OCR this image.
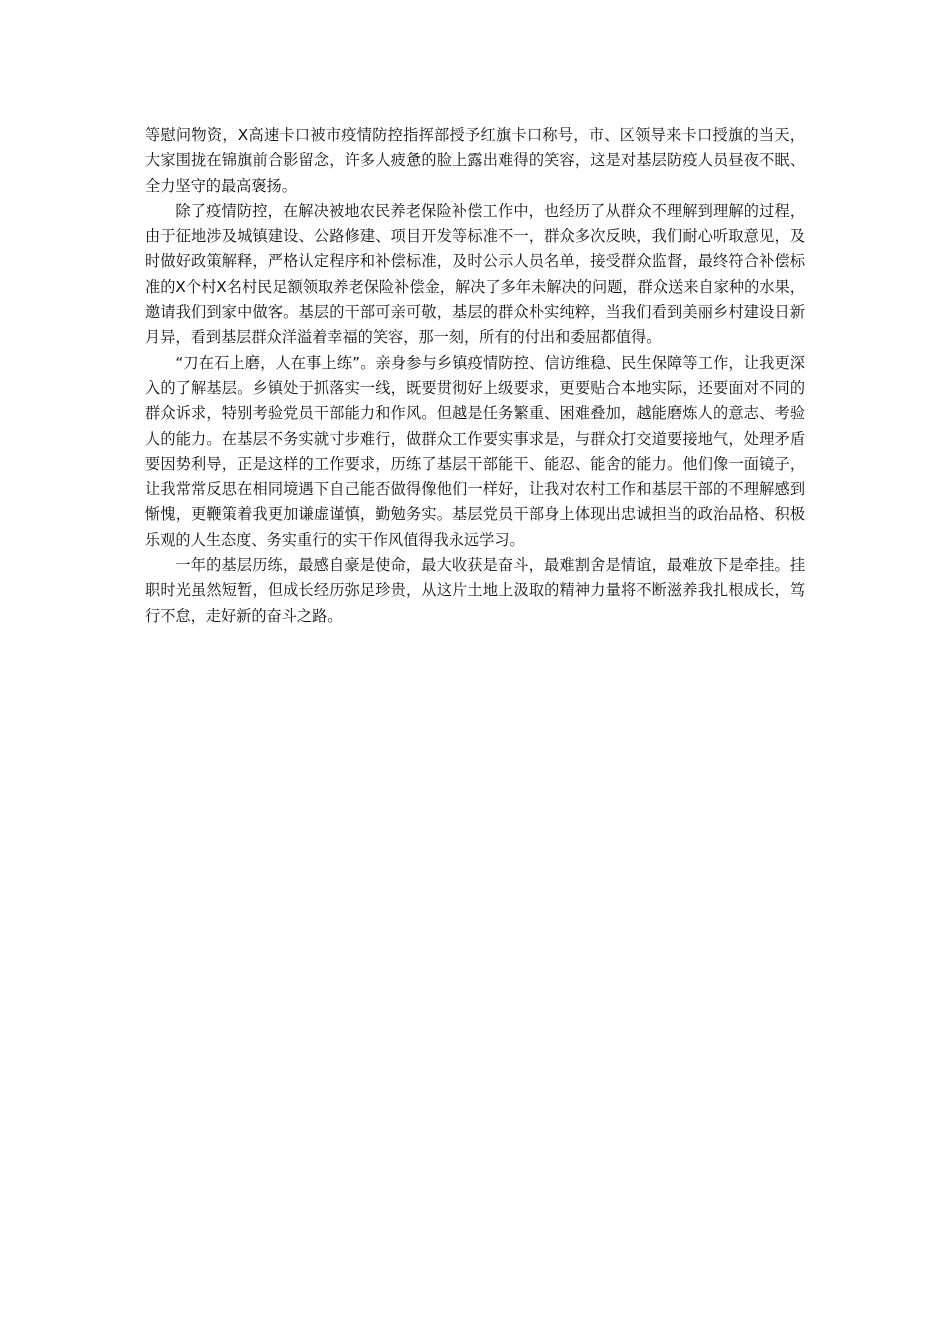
等慰问物资，X高速卡口被市疫情防控指挥部授予红旗卡口称号，市、区领导来卡口授旗的当天，大家围拢在锦旗前合影留念，许多人疲惫的脸上露出难得的笑容，这是对基层防疫人员昼夜不眠、全力坚守的最高褒扬。

除了疫情防控，在解决被地农民养老保险补偿工作中，也经历了从群众不理解到理解的过程，由于征地涉及城镇建设、公路修建、项目开发等标准不一，群众多次反映，我们耐心听取意见，及时做好政策解释，严格认定程序和补偿标准，及时公示人员名单，接受群众监督，最终符合补偿标准的X个村X名村民足额领取养老保险补偿金，解决了多年未解决的问题，群众送来自家种的水果，邀请我们到家中做客。基层的干部可亲可敬，基层的群众朴实纯粹，当我们看到美丽乡村建设日新月异，看到基层群众洋溢着幸福的笑容，那一刻，所有的付出和委屈都值得。

“刀在石上磨，人在事上练”。亲身参与乡镇疫情防控、信访维稳、民生保障等工作，让我更深入的了解基层。乡镇处于抓落实一线，既要贯彻好上级要求，更要贴合本地实际，还要面对不同的群众诉求，特别考验党员干部能力和作风。但越是任务繁重、困难叠加，越能磨炼人的意志、考验人的能力。在基层不务实就寸步难行，做群众工作要实事求是，与群众打交道要接地气，处理矛盾要因势利导，正是这样的工作要求，历练了基层干部能干、能忍、能舍的能力。他们像一面镜子，让我常常反思在相同境遇下自己能否做得像他们一样好，让我对农村工作和基层干部的不理解感到惭愧，更鞭策着我更加谦虚谨慎，勤勉务实。基层党员干部身上体现出忠诚担当的政治品格、积极乐观的人生态度、务实重行的实干作风值得我永远学习。

一年的基层历练，最感自豪是使命，最大收获是奋斗，最难割舍是情谊，最难放下是牵挂。挂职时光虽然短暂，但成长经历弥足珍贵，从这片土地上汲取的精神力量将不断滋养我扎根成长，笃行不怠，走好新的奋斗之路。
